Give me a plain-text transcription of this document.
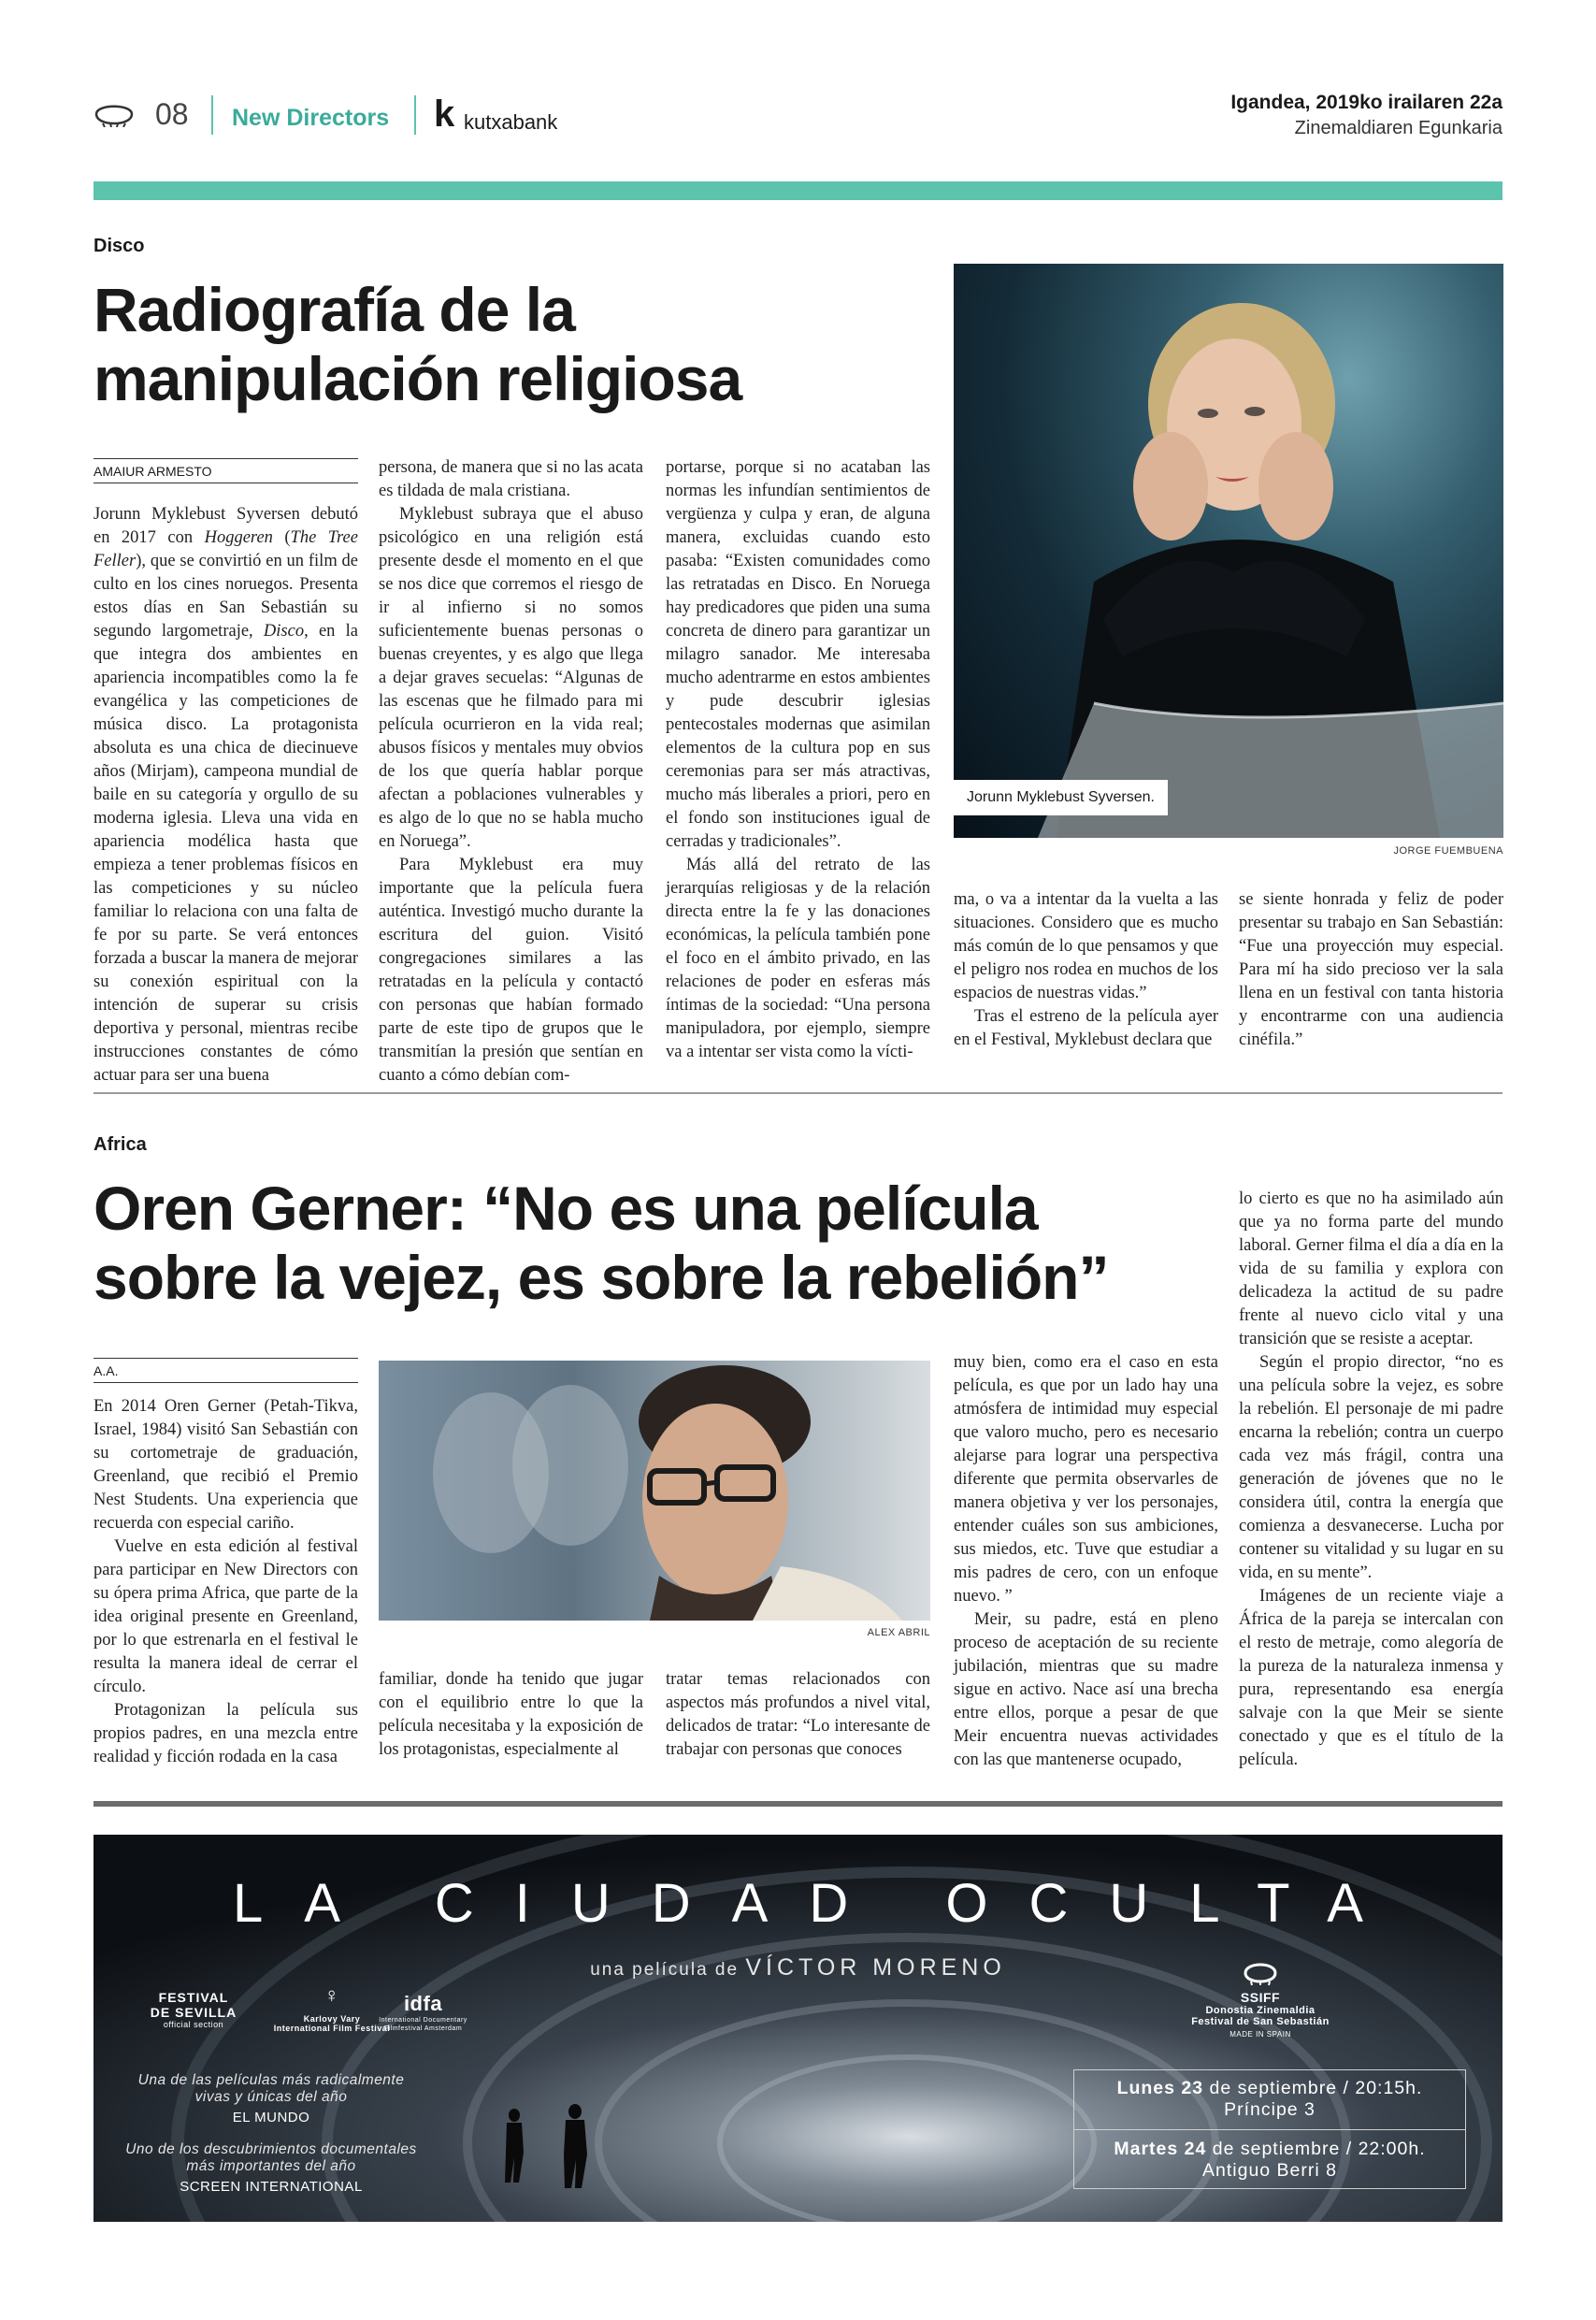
08 New Directors k kutxabank
Igandea, 2019ko irailaren 22a
Zinemaldiaren Egunkaria
Disco
Radiografía de la
manipulación religiosa
AMAIUR ARMESTO

Jorunn Myklebust Syversen debutó en 2017 con Hoggeren (The Tree Feller), que se convirtió en un film de culto en los cines noruegos. Presenta estos días en San Sebastián su segundo largometraje, Disco, en la que integra dos ambientes en apariencia incompatibles como la fe evangélica y las competiciones de música disco. La protagonista absoluta es una chica de diecinueve años (Mirjam), campeona mundial de baile en su categoría y orgullo de su moderna iglesia. Lleva una vida en apariencia modélica hasta que empieza a tener problemas físicos en las competiciones y su núcleo familiar lo relaciona con una falta de fe por su parte. Se verá entonces forzada a buscar la manera de mejorar su conexión espiritual con la intención de superar su crisis deportiva y personal, mientras recibe instrucciones constantes de cómo actuar para ser una buena

persona, de manera que si no las acata es tildada de mala cristiana.

Myklebust subraya que el abuso psicológico en una religión está presente desde el momento en el que se nos dice que corremos el riesgo de ir al infierno si no somos suficientemente buenas personas o buenas creyentes, y es algo que llega a dejar graves secuelas: “Algunas de las escenas que he filmado para mi película ocurrieron en la vida real; abusos físicos y mentales muy obvios de los que quería hablar porque afectan a poblaciones vulnerables y es algo de lo que no se habla mucho en Noruega”.

Para Myklebust era muy importante que la película fuera auténtica. Investigó mucho durante la escritura del guion. Visitó congregaciones similares a las retratadas en la película y contactó con personas que habían formado parte de este tipo de grupos que le transmitían la presión que sentían en cuanto a cómo debían com-

portarse, porque si no acataban las normas les infundían sentimientos de vergüenza y culpa y eran, de alguna manera, excluidas cuando esto pasaba: “Existen comunidades como las retratadas en Disco. En Noruega hay predicadores que piden una suma concreta de dinero para garantizar un milagro sanador. Me interesaba mucho adentrarme en estos ambientes y pude descubrir iglesias pentecostales modernas que asimilan elementos de la cultura pop en sus ceremonias para ser más atractivas, mucho más liberales a priori, pero en el fondo son instituciones igual de cerradas y tradicionales”.

Más allá del retrato de las jerarquías religiosas y de la relación directa entre la fe y las donaciones económicas, la película también pone el foco en el ámbito privado, en las relaciones de poder en esferas más íntimas de la sociedad: “Una persona manipuladora, por ejemplo, siempre va a intentar ser vista como la vícti-

Jorunn Myklebust Syversen.
JORGE FUEMBUENA

ma, o va a intentar da la vuelta a las situaciones. Considero que es mucho más común de lo que pensamos y que el peligro nos rodea en muchos de los espacios de nuestras vidas.”

Tras el estreno de la película ayer en el Festival, Myklebust declara que

se siente honrada y feliz de poder presentar su trabajo en San Sebastián: “Fue una proyección muy especial. Para mí ha sido precioso ver la sala llena en un festival con tanta historia y encontrarme con una audiencia cinéfila.”

Africa
Oren Gerner: “No es una película
sobre la vejez, es sobre la rebelión”
A.A.

En 2014 Oren Gerner (Petah-Tikva, Israel, 1984) visitó San Sebastián con su cortometraje de graduación, Greenland, que recibió el Premio Nest Students. Una experiencia que recuerda con especial cariño.

Vuelve en esta edición al festival para participar en New Directors con su ópera prima Africa, que parte de la idea original presente en Greenland, por lo que estrenarla en el festival le resulta la manera ideal de cerrar el círculo.

Protagonizan la película sus propios padres, en una mezcla entre realidad y ficción rodada en la casa

ALEX ABRIL

familiar, donde ha tenido que jugar con el equilibrio entre lo que la película necesitaba y la exposición de los protagonistas, especialmente al

tratar temas relacionados con aspectos más profundos a nivel vital, delicados de tratar: “Lo interesante de trabajar con personas que conoces

muy bien, como era el caso en esta película, es que por un lado hay una atmósfera de intimidad muy especial que valoro mucho, pero es necesario alejarse para lograr una perspectiva diferente que permita observarles de manera objetiva y ver los personajes, entender cuáles son sus ambiciones, sus miedos, etc. Tuve que estudiar a mis padres de cero, con un enfoque nuevo. ”

Meir, su padre, está en pleno proceso de aceptación de su reciente jubilación, mientras que su madre sigue en activo. Nace así una brecha entre ellos, porque a pesar de que Meir encuentra nuevas actividades con las que mantenerse ocupado,

lo cierto es que no ha asimilado aún que ya no forma parte del mundo laboral. Gerner filma el día a día en la vida de su familia y explora con delicadeza la actitud de su padre frente al nuevo ciclo vital y una transición que se resiste a aceptar.

Según el propio director, “no es una película sobre la vejez, es sobre la rebelión. El personaje de mi padre encarna la rebelión; contra un cuerpo cada vez más frágil, contra una generación de jóvenes que no le considera útil, contra la energía que comienza a desvanecerse. Lucha por contener su vitalidad y su lugar en su vida, en su mente”.

Imágenes de un reciente viaje a África de la pareja se intercalan con el resto de metraje, como alegoría de la pureza de la naturaleza inmensa y pura, representando esa energía salvaje con la que Meir se siente conectado y que es el título de la película.

LA CIUDAD OCULTA
una película de VÍCTOR MORENO
FESTIVAL
DE SEVILLA
official section
♀
Karlovy Vary
International Film Festival
idfa
International Documentary Filmfestival Amsterdam
SSIFF
Donostia Zinemaldia
Festival de San Sebastián
MADE IN SPAIN
Una de las películas más radicalmente
vivas y únicas del año
EL MUNDO
Uno de los descubrimientos documentales
más importantes del año
SCREEN INTERNATIONAL
Lunes 23 de septiembre / 20:15h.
Príncipe 3
Martes 24 de septiembre / 22:00h.
Antiguo Berri 8
